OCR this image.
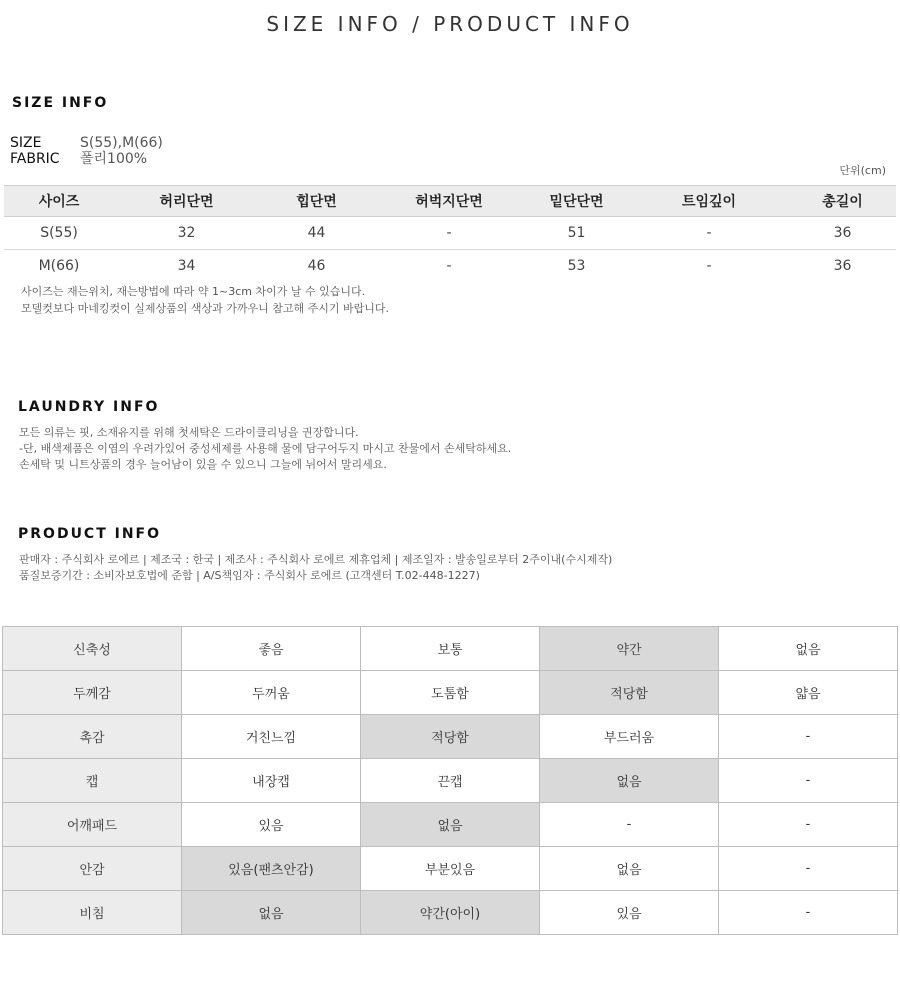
SIZE INFO / PRODUCT INFO
SIZE INFO
SIZE	S(55),M(66)
FABRIC 폴리100%
단위(cm)
사이즈	허리단면	힙단면	허벅지단면	밑단단면	트임깊이	총길이
S(55)	32	44	-	51	-	36
M(66)	34	46	-	53	-	36
사이즈는 재는위치, 재는방법에 따라 약 1~3cm 차이가 날 수 있습니다.
모델컷보다 마네킹컷이 실제상품의 색상과 가까우니 참고해 주시기 바랍니다.
LAUNDRY INFO
모든 의류는 핏, 소재유지를 위해 첫세탁은 드라이클리닝을 권장합니다.
-단, 배색제품은 이염의 우려가있어 중성세제를 사용해 물에 담구어두지 마시고 찬물에서 손세탁하세요.
손세탁 및 니트상품의 경우 늘어남이 있을 수 있으니 그늘에 뉘어서 말리세요.
PRODUCT INFO
판매자 : 주식회사 로에르 | 제조국 : 한국 | 제조사 : 주식회사 로에르 제휴업체 | 제조일자 : 발송일로부터 2주이내(수시제작)
품질보증기간 : 소비자보호법에 준함 | A/S책임자 : 주식회사 로에르 (고객센터 T.02-448-1227)
신축성	좋음	보통	약간	없음
두께감	두꺼움	도톰함	적당함	얇음
촉감	거친느낌	적당함	부드러움	-
캡	내장캡	끈캡	없음	-
어깨패드	있음	없음	-	-
안감	있음(팬츠안감)	부분있음	없음	-
비침	없음	약간(아이)	있음	-
